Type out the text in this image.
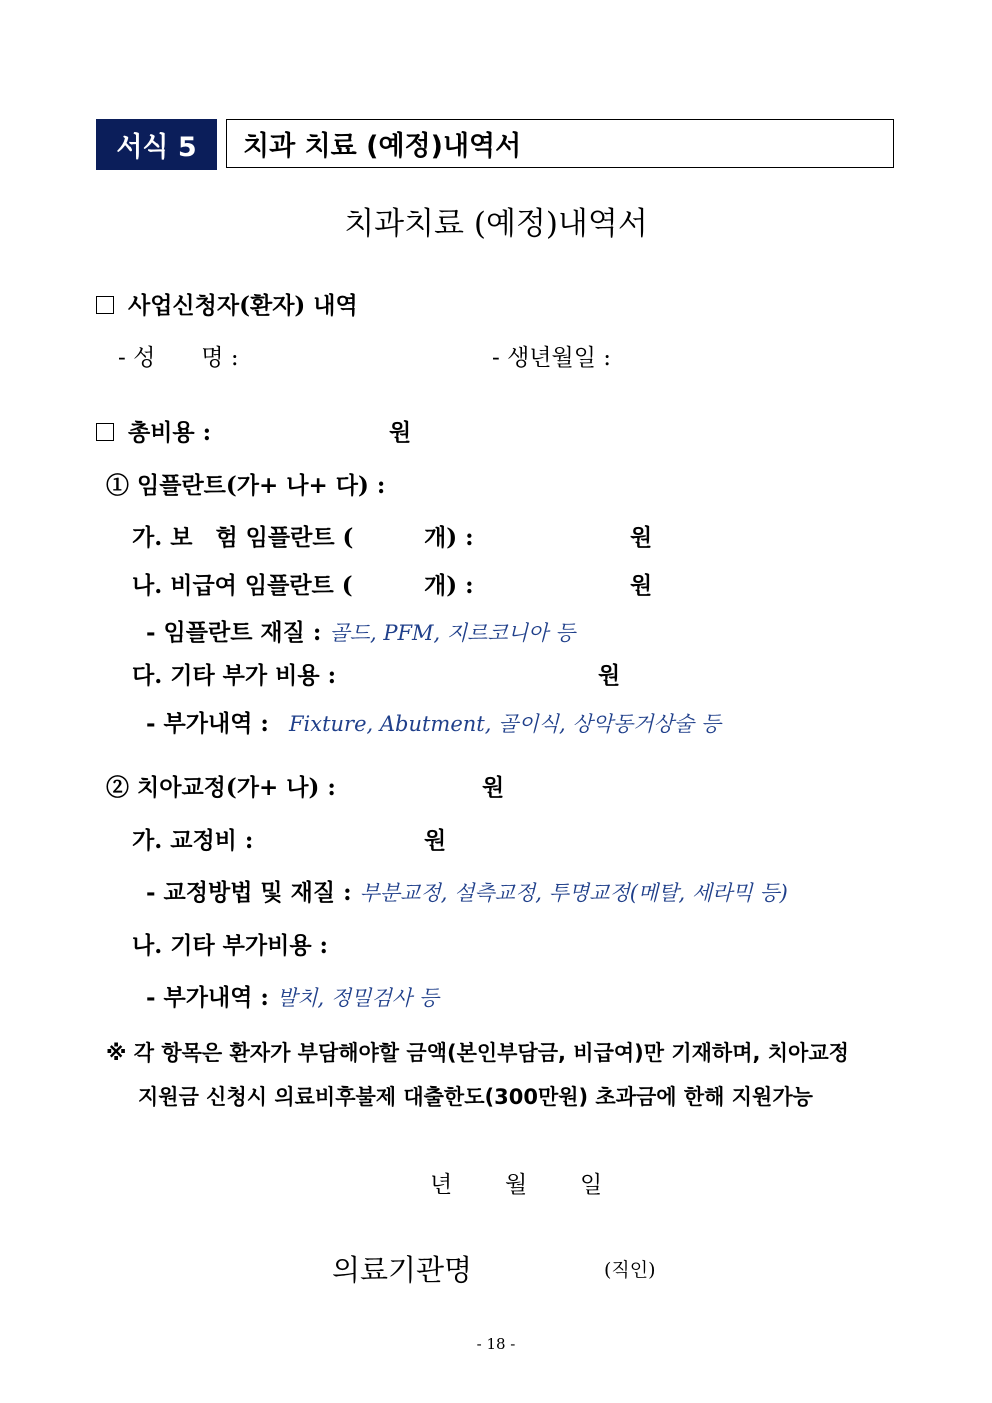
서식 5	치과 치료 (예정)내역서
치과치료 (예정)내역서
사업신청자(환자) 내역
- 성　　명 :	- 생년월일 :
총비용 :	원
① 임플란트(가+ 나+ 다) :
가. 보　험 임플란트 (	개) :	원
나. 비급여 임플란트 (	개) :	원
- 임플란트 재질 : 골드, PFM, 지르코니아 등
다. 기타 부가 비용 :	원
- 부가내역 : Fixture, Abutment, 골이식, 상악동거상술 등
② 치아교정(가+ 나) :	원
가. 교정비 :	원
- 교정방법 및 재질 : 부분교정, 설측교정, 투명교정(메탈, 세라믹 등)
나. 기타 부가비용 :
- 부가내역 : 발치, 정밀검사 등
※ 각 항목은 환자가 부담해야할 금액(본인부담금, 비급여)만 기재하며, 치아교정
지원금 신청시 의료비후불제 대출한도(300만원) 초과금에 한해 지원가능
년 월 일
의료기관명	(직인)
- 18 -
